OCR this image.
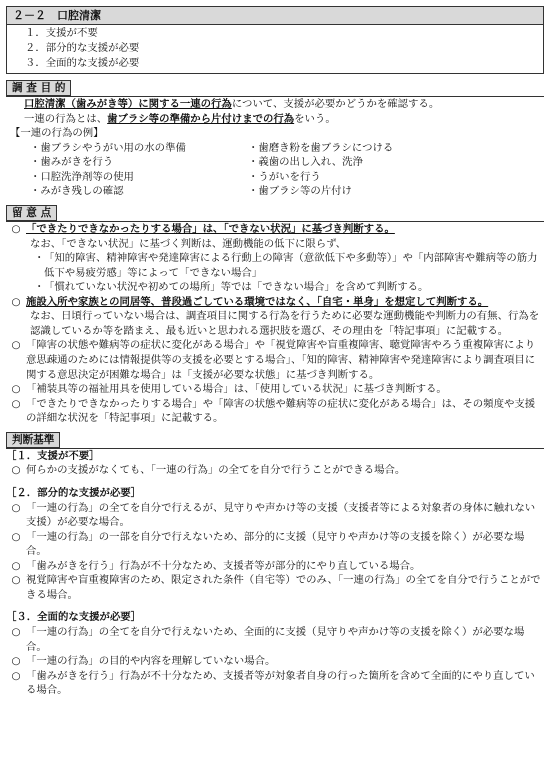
２－２　口腔清潔
１．支援が不要
２．部分的な支援が必要
３．全面的な支援が必要
調 査 目 的
口腔清潔（歯みがき等）に関する一連の行為について、支援が必要かどうかを確認する。
一連の行為とは、歯ブラシ等の準備から片付けまでの行為をいう。
【一連の行為の例】
・歯ブラシやうがい用の水の準備	・歯磨き粉を歯ブラシにつける
・歯みがきを行う	・義歯の出し入れ、洗浄
・口腔洗浄剤等の使用	・うがいを行う
・みがき残しの確認	・歯ブラシ等の片付け
留 意 点
○ 「できたりできなかったりする場合」は、「できない状況」に基づき判断する。
なお、「できない状況」に基づく判断は、運動機能の低下に限らず、
・ 「知的障害、精神障害や発達障害による行動上の障害（意欲低下や多動等）」や「内部障害や難病等の筋力低下や易疲労感」等によって「できない場合」
・ 「慣れていない状況や初めての場所」等では「できない場合」を含めて判断する。
○ 施設入所や家族との同居等、普段過ごしている環境ではなく、「自宅・単身」を想定して判断する。
なお、日頃行っていない場合は、調査項目に関する行為を行うために必要な運動機能や判断力の有無、行為を認識しているか等を踏まえ、最も近いと思われる選択肢を選び、その理由を「特記事項」に記載する。
○ 「障害の状態や難病等の症状に変化がある場合」や「視覚障害や盲重複障害、聴覚障害やろう重複障害により意思疎通のためには情報提供等の支援を必要とする場合」、「知的障害、精神障害や発達障害により調査項目に関する意思決定が困難な場合」は「支援が必要な状態」に基づき判断する。
○ 「補装具等の福祉用具を使用している場合」は、「使用している状況」に基づき判断する。
○ 「できたりできなかったりする場合」や「障害の状態や難病等の症状に変化がある場合」は、その頻度や支援の詳細な状況を「特記事項」に記載する。
判断基準
［１．支援が不要］
○ 何らかの支援がなくても、「一連の行為」の全てを自分で行うことができる場合。
［２．部分的な支援が必要］
○ 「一連の行為」の全てを自分で行えるが、見守りや声かけ等の支援（支援者等による対象者の身体に触れない支援）が必要な場合。
○ 「一連の行為」の一部を自分で行えないため、部分的に支援（見守りや声かけ等の支援を除く）が必要な場合。
○ 「歯みがきを行う」行為が不十分なため、支援者等が部分的にやり直している場合。
○ 視覚障害や盲重複障害のため、限定された条件（自宅等）でのみ、「一連の行為」の全てを自分で行うことができる場合。
［３．全面的な支援が必要］
○ 「一連の行為」の全てを自分で行えないため、全面的に支援（見守りや声かけ等の支援を除く）が必要な場合。
○ 「一連の行為」の目的や内容を理解していない場合。
○ 「歯みがきを行う」行為が不十分なため、支援者等が対象者自身の行った箇所を含めて全面的にやり直している場合。
